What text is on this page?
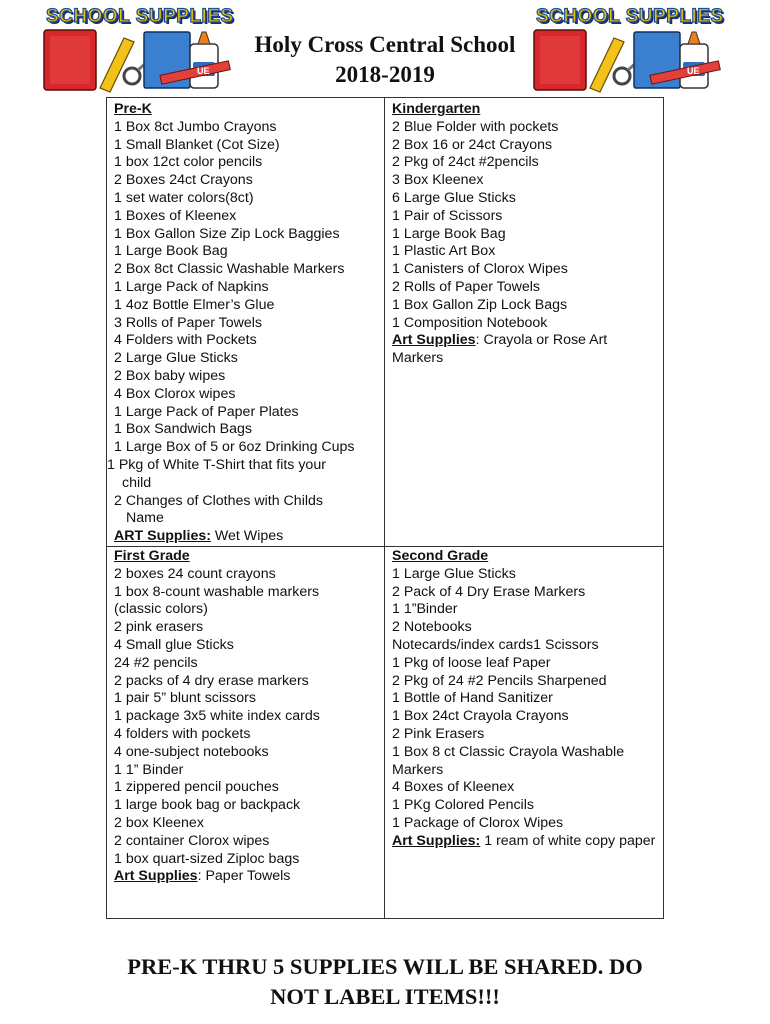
SCHOOL SUPPLIES
UE
SCHOOL SUPPLIES
UE
Holy Cross Central School
2018-2019
Pre-K
1 Box 8ct Jumbo Crayons
1 Small Blanket (Cot Size)
1 box 12ct color pencils
2 Boxes 24ct Crayons
1 set water colors(8ct)
1 Boxes of Kleenex
1 Box Gallon Size Zip Lock Baggies
1 Large Book Bag
2 Box 8ct Classic Washable Markers
1 Large Pack of Napkins
1 4oz Bottle Elmer’s Glue
3 Rolls of Paper Towels
4 Folders with Pockets
2 Large Glue Sticks
2 Box baby wipes
4 Box Clorox wipes
1 Large Pack of Paper Plates
1 Box Sandwich Bags
1 Large Box of 5 or 6oz Drinking Cups
1 Pkg of White T-Shirt that fits your
child
2 Changes of Clothes with Childs
Name
ART Supplies: Wet Wipes
Kindergarten
2 Blue Folder with pockets
2 Box 16 or 24ct Crayons
2 Pkg of 24ct #2pencils
3 Box Kleenex
6 Large Glue Sticks
1 Pair of Scissors
1 Large Book Bag
1 Plastic Art Box
1 Canisters of Clorox Wipes
2 Rolls of Paper Towels
1 Box Gallon Zip Lock Bags
1 Composition Notebook
Art Supplies: Crayola or Rose Art Markers
First Grade
2 boxes 24 count crayons
1 box 8-count washable markers
(classic colors)
2 pink erasers
4 Small glue Sticks
24 #2 pencils
2 packs of 4 dry erase markers
1 pair 5” blunt scissors
1 package 3x5 white index cards
4 folders with pockets
4 one-subject notebooks
1 1” Binder
1 zippered pencil pouches
1 large book bag or backpack
2 box Kleenex
2 container Clorox wipes
1 box quart-sized Ziploc bags
Art Supplies: Paper Towels
Second Grade
1 Large Glue Sticks
2 Pack of 4 Dry Erase Markers
1 1”Binder
2 Notebooks
Notecards/index cards1 Scissors
1 Pkg of loose leaf Paper
2 Pkg of 24 #2 Pencils Sharpened
1 Bottle of Hand Sanitizer
1 Box 24ct Crayola Crayons
2 Pink Erasers
1 Box 8 ct Classic Crayola Washable
Markers
4 Boxes of Kleenex
1 PKg Colored Pencils
1 Package of Clorox Wipes
Art Supplies: 1 ream of white copy paper
PRE-K THRU 5 SUPPLIES WILL BE SHARED. DO
NOT LABEL ITEMS!!!
